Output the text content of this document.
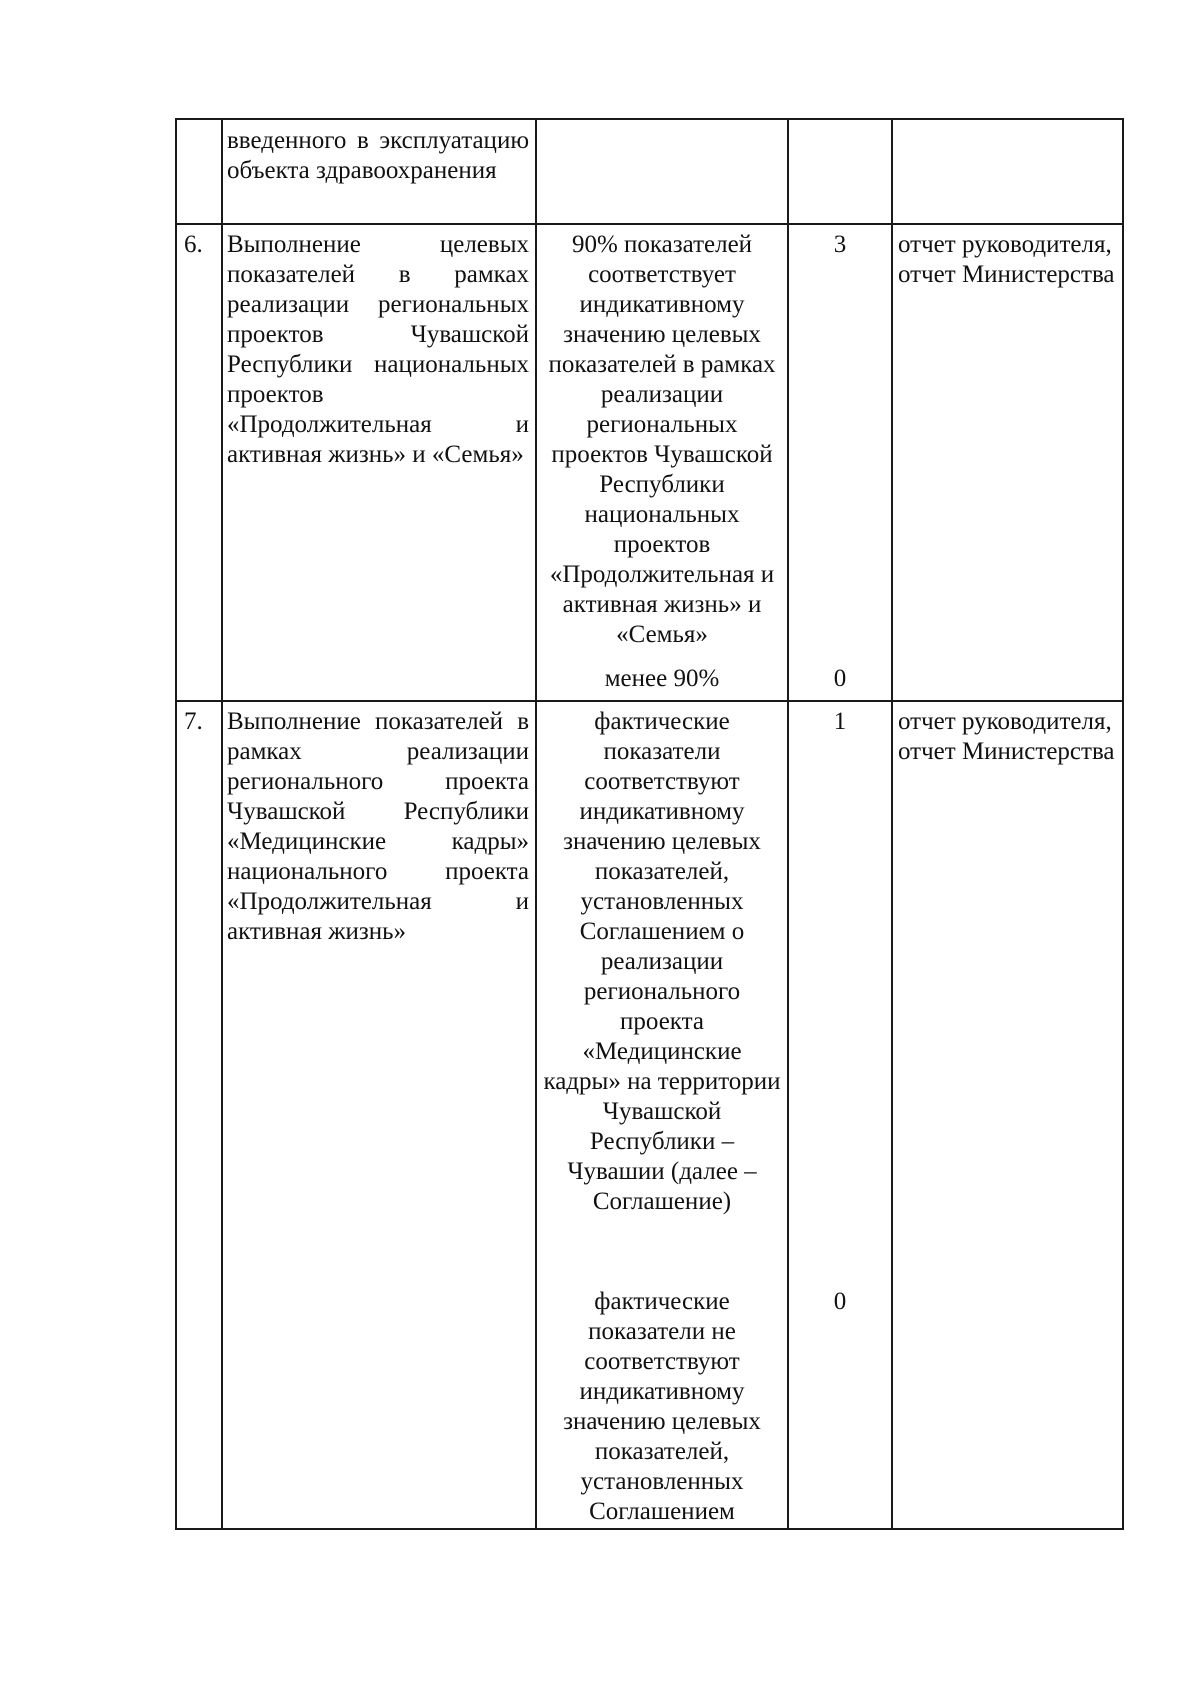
введенного в эксплуатацию объекта здравоохранения
6. Выполнение целевых показателей в рамках реализации региональных проектов Чувашской Республики национальных проектов «Продолжительная и активная жизнь» и «Семья»
90% показателей соответствует индикативному значению целевых показателей в рамках реализации региональных проектов Чувашской Республики национальных проектов «Продолжительная и активная жизнь» и «Семья»
3
менее 90%	0
отчет руководителя, отчет Министерства
7. Выполнение показателей в рамках реализации регионального проекта Чувашской Республики «Медицинские кадры» национального проекта «Продолжительная и активная жизнь»
фактические показатели соответствуют индикативному значению целевых показателей, установленных Соглашением о реализации регионального проекта «Медицинские кадры» на территории Чувашской Республики – Чувашии (далее – Соглашение)
1
фактические показатели не соответствуют индикативному значению целевых показателей, установленных Соглашением
0
отчет руководителя, отчет Министерства
